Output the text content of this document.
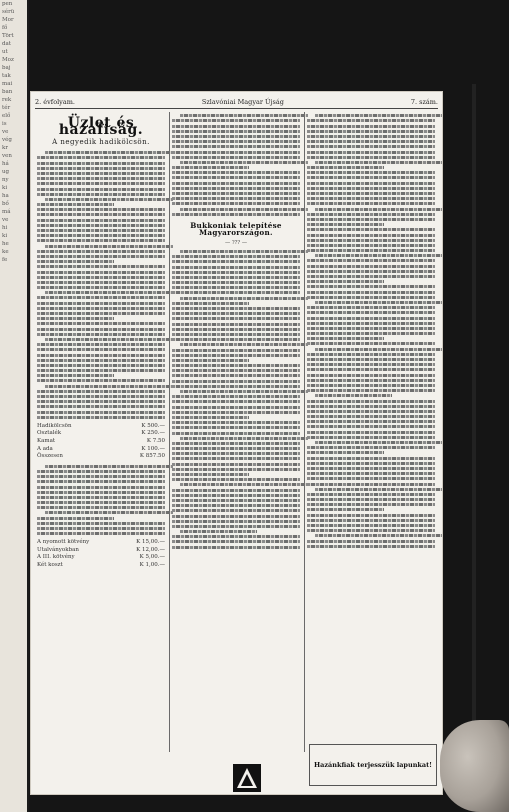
pen
sérü
Mor
fő
Tört
dat
ut
Moz
baj
tak
mai
ban
rek
tér
elő
is
ve
vég
kr
ven
há
ug
ny
ki
ha
bő
má
ve
hi
ki
he
ke
fe
2. évfolyam.	Szlavóniai Magyar Újság	7. szám.
Üzlet és hazafiság.
A negyedik hadikölcsön.
Hadikölcsön	K 500.—
Osztalék	K 250.—
Kamat	K 7.50
A ada	K 100.—
Összesen	K 857.50
A nyomott kötvény	K 15,00.—
Utalványokban	K 12,00.—
A III. kötvény	K 5,00.—
Két koszt	K 1,00.—
Bukkoniak telepítése Magyarországon.
— ??? —
Hazánkfiak terjesszük lapunkat!
